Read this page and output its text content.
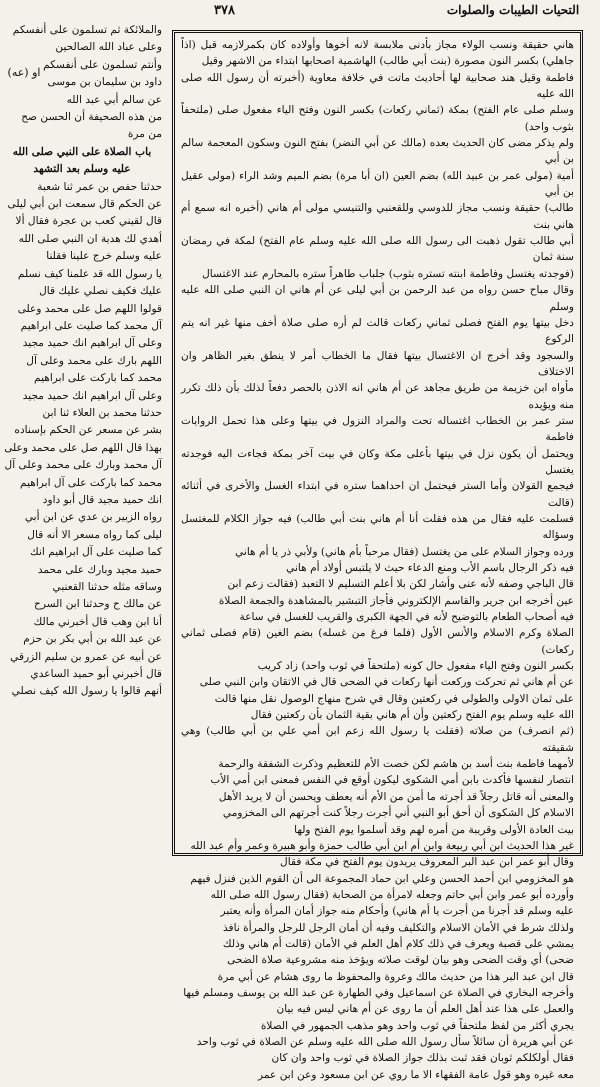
٣٧٨	التحيات الطيبات والصلوات

هاني حقيقة ونسب الولاء مجاز بأدنى ملابسة لانه أخوها وأولاده كان بكمرلازمه قبل (اذاً جاهلي) بكسر النون مصورة (بنت أبي طالب) الهاشمية اصحابها ابتداء من الاشهر وقيل

فاطمة وقيل هند صحابية لها أحاديث ماتت في خلافة معاوية (أخبرته أن رسول الله صلى الله عليه

وسلم صلى عام الفتح) بمكة (ثماني ركعات) بكسر النون وفتح الياء مفعول صلى (ملتحفاً بثوب واحد)

ولم يذكر مضى كان الحديث بعده (مالك عن أبي النضر) بفتح النون وسكون المعجمة سالم بن أبي

أمية (مولى عمر بن عبيد الله) بضم العين (ان أبا مرة) بضم الميم وشد الراء (مولى عقيل بن أبي

طالب) حقيقة ونسب مجاز للدوسي وللقعنبي والتنيسي مولى أم هاني (أخبره انه سمع أم هاني بنت

أبي طالب تقول ذهبت الى رسول الله صلى الله عليه وسلم عام الفتح) لمكة في رمضان سنة ثمان

(فوجدته يغتسل وفاطمة ابنته تستره بثوب) جلباب طاهراً ستره بالمحارم عند الاغتسال

وقال مباح حسن رواه من عبد الرحمن بن أبي ليلى عن أم هاني ان النبي صلى الله عليه وسلم

دخل بيتها يوم الفتح فصلى ثماني ركعات قالت لم أره صلى صلاة أخف منها غير انه يتم الركوع

والسجود وقد أخرج ان الاغتسال بيتها فقال ما الخطاب أمر لا ينطق بغير الظاهر وان الاختلاف

مأواه ابن خزيمة من طريق مجاهد عن أم هاني انه الاذن بالحصر دفعاً لذلك بأن ذلك تكرر منه ويؤيده

ستر عمر بن الخطاب اغتساله تحت والمراد النزول في بيتها وعلى هذا تحمل الروايات فاطمة

ويحتمل أن يكون نزل في بيتها بأعلى مكة وكان في بيت آخر بمكة فجاءت اليه فوجدته يغتسل

فيجمع القولان وأما الستر فيحتمل ان احداهما ستره في ابتداء الغسل والأخرى في أثنائه (قالت

فسلمت عليه فقال من هذه فقلت أنا أم هاني بنت أبي طالب) فيه جواز الكلام للمغتسل وسؤاله

ورده وجواز السلام على من يغتسل (فقال مرحباً بأم هاني) ولأبي ذر يا أم هاني

فيه ذكر الرجال باسم الأب ومنع الدعاء حيث لا يلتبس أولاد أم هاني

قال الباجي وصفه لأنه عنى وأشار لكن بلا أعلم التسليم لا التعبد (فقالت زعم ابن

عين أخرجه ابن جرير والقاسم الإلكتروني فأجاز التبشير بالمشاهدة والجمعة الصلاة

فيه أصحاب الطعام بالتوضيح لأنه في الجهة الكبرى والقريب للغسل في ساعة

الصلاة وكرم الاسلام والأنس الأول (فلما فرغ من غسله) بضم الغين (قام فصلى ثماني ركعات)

بكسر النون وفتح الياء مفعول حال كونه (ملتحفاً في ثوب واحد) زاد كريب

عن أم هاني ثم تحركت وركعت أنها ركعات في الضحى قال في الاتقان وابن النبي صلى

على ثمان الاولى والطولى في ركعتين وقال في شرح منهاج الوصول نقل منها قالت

الله عليه وسلم يوم الفتح ركعتين وأن أم هاني بقية الثمان بأن ركعتين فقال

(ثم انصرف) من صلاته (فقلت يا رسول الله زعم ابن أمي علي بن أبي طالب) وهي شقيقته

لأمهما فاطمة بنت أسد بن هاشم لكن خصت الأم للتعظيم وذكرت الشفقة والرحمة

انتصار لنفسها فأكدت بابن أمي الشكوى ليكون أوقع في النفس فمعنى ابن أمي الأب

والمعنى أنه قاتل رجلاً قد أجرته ما أمن من الأم أنه يعطف ويحسن أن لا يريد الأهل

الاسلام كل الشكوى أن أحق أبو النبي أني أجرت رجلاً كنت أجرتهم الى المخزومي

بيت العادة الأولى وقريبة من أمره لهم وقد أسلموا يوم الفتح ولها

غير هذا الحديث ابن أبي ربيعة وابن أم ابن أبي طالب حمزة وأبو هبيرة وعمر وأم عبد الله

وقال أبو عمر ابن عبد البر المعروف يريدون يوم الفتح في مكة فقال

هو المخزومي ابن أحمد الحسن وعلي ابن حماد المجموعة الى أن القوم الذين فنزل فيهم

وأورده أبو عمر وابن أبي حاتم وجعله لامرأة من الصحابة (فقال رسول الله صلى الله

عليه وسلم قد أجرنا من أجرت يا أم هاني) وأحكام منه جواز أمان المرأة وأنه يعتبر

ولذلك شرط في الأمان الاسلام والتكليف وفيه أن أمان الرجل للرجل والمرأة نافذ

يمشي على قصبة ويعرف في ذلك كلام أهل العلم في الأمان (قالت أم هاني وذلك

ضحى) أي وقت الضحى وهو بيان لوقت صلاته ويؤخذ منه مشروعية صلاة الضحى

قال ابن عبد البر هذا من حديث مالك وعروة والمحفوظ ما روى هشام عن أبي مرة

وأخرجه البخاري في الصلاة عن اسماعيل وفي الطهارة عن عبد الله بن يوسف ومسلم فيها

والعمل على هذا عند أهل العلم أن ما روى عن أم هاني ليس فيه بيان

يجري أكثر من لفظ ملتحفاً في ثوب واحد وهو مذهب الجمهور في الصلاة

عن أبي هريرة أن سائلاً سأل رسول الله صلى الله عليه وسلم عن الصلاة في ثوب واحد

فقال أولكلكم ثوبان فقد ثبت بذلك جواز الصلاة في ثوب واحد وان كان

معه غيره وهو قول عامة الفقهاء الا ما روي عن ابن مسعود وعن ابن عمر

والملائكة ثم تسلمون على أنفسكم

وعلى عباد الله الصالحين

وأنتم تسلمون على أنفسكم

داود بن سليمان بن موسى

عن سالم أبي عبد الله

من هذه الصحيفة أن الحسن صح

من مرة

باب الصلاة على النبي صلى الله عليه وسلم بعد التشهد

حدثنا حفص بن عمر ثنا شعبة

عن الحكم قال سمعت ابن أبي ليلى

قال لقيني كعب بن عجرة فقال ألا

أهدي لك هدية ان النبي صلى الله

عليه وسلم خرج علينا فقلنا

يا رسول الله قد علمنا كيف نسلم

عليك فكيف نصلي عليك قال

قولوا اللهم صل على محمد وعلى

آل محمد كما صليت على ابراهيم

وعلى آل ابراهيم انك حميد مجيد

اللهم بارك على محمد وعلى آل

محمد كما باركت على ابراهيم

وعلى آل ابراهيم انك حميد مجيد

حدثنا محمد بن العلاء ثنا ابن

بشر عن مسعر عن الحكم بإسناده

بهذا قال اللهم صل على محمد وعلى

آل محمد وبارك على محمد وعلى آل

محمد كما باركت على آل ابراهيم

انك حميد مجيد قال أبو داود

رواه الزبير بن عدي عن ابن أبي

ليلى كما رواه مسعر الا أنه قال

كما صليت على آل ابراهيم انك

حميد مجيد وبارك على محمد

وساقه مثله حدثنا القعنبي

عن مالك ح وحدثنا ابن السرح

أنا ابن وهب قال أخبرني مالك

عن عبد الله بن أبي بكر بن حزم

عن أبيه عن عمرو بن سليم الزرقي

قال أخبرني أبو حميد الساعدي

أنهم قالوا يا رسول الله كيف نصلي

او (عه)
